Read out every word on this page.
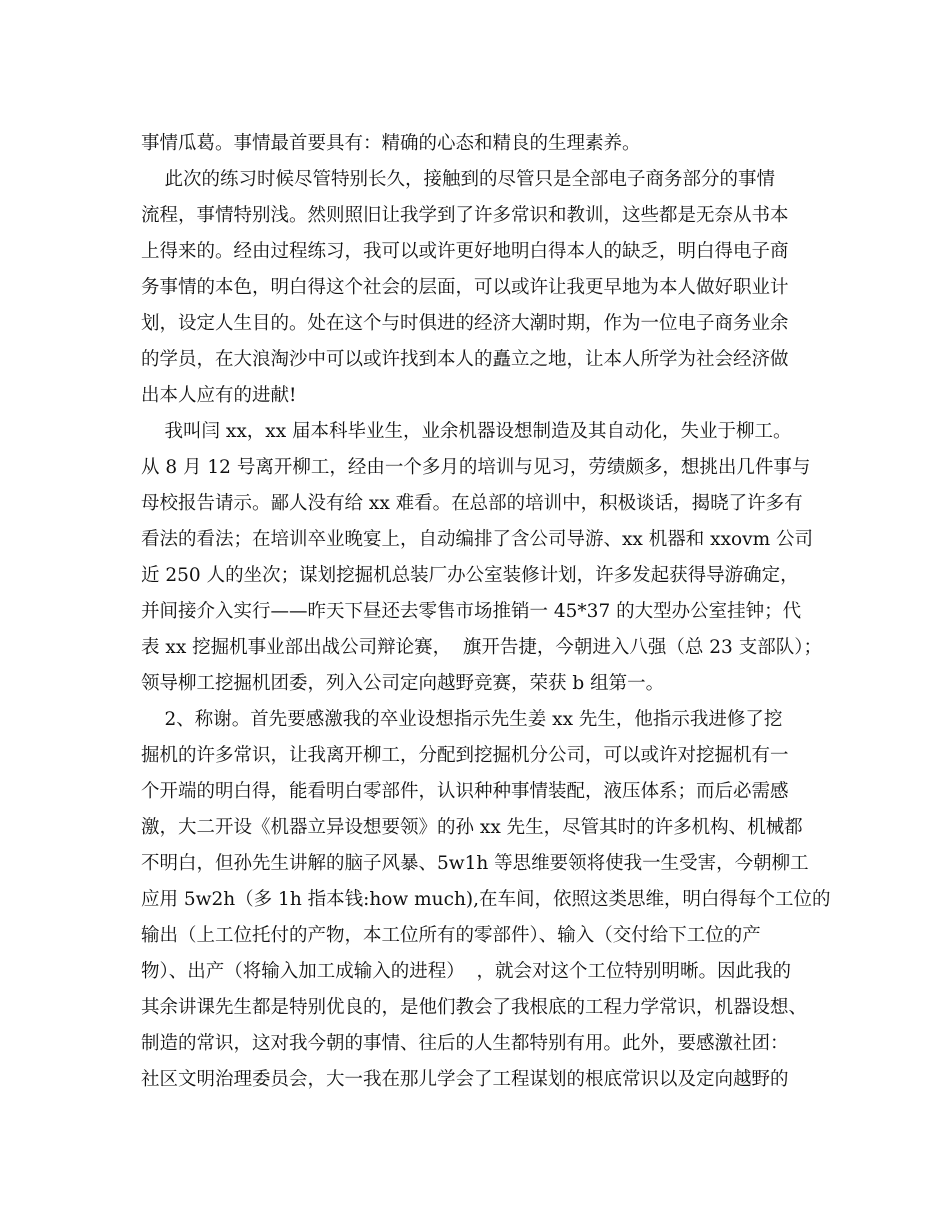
事情瓜葛。事情最首要具有：精确的心态和精良的生理素养。
此次的练习时候尽管特别长久，接触到的尽管只是全部电子商务部分的事情
流程，事情特别浅。然则照旧让我学到了许多常识和教训，这些都是无奈从书本
上得来的。经由过程练习，我可以或许更好地明白得本人的缺乏，明白得电子商
务事情的本色，明白得这个社会的层面，可以或许让我更早地为本人做好职业计
划，设定人生目的。处在这个与时俱进的经济大潮时期，作为一位电子商务业余
的学员，在大浪淘沙中可以或许找到本人的矗立之地，让本人所学为社会经济做
出本人应有的进献!
我叫闫 xx，xx 届本科毕业生，业余机器设想制造及其自动化，失业于柳工。
从 8 月 12 号离开柳工，经由一个多月的培训与见习，劳绩颇多，想挑出几件事与
母校报告请示。鄙人没有给 xx 难看。在总部的培训中，积极谈话，揭晓了许多有
看法的看法；在培训卒业晚宴上，自动编排了含公司导游、xx 机器和 xxovm 公司
近 250 人的坐次；谋划挖掘机总装厂办公室装修计划，许多发起获得导游确定，
并间接介入实行——昨天下昼还去零售市场推销一 45*37 的大型办公室挂钟；代
表 xx 挖掘机事业部出战公司辩论赛，  旗开告捷，今朝进入八强（总 23 支部队）；
领导柳工挖掘机团委，列入公司定向越野竞赛，荣获 b 组第一。
2、称谢。首先要感激我的卒业设想指示先生姜 xx 先生，他指示我进修了挖
掘机的许多常识，让我离开柳工，分配到挖掘机分公司，可以或许对挖掘机有一
个开端的明白得，能看明白零部件，认识种种事情装配，液压体系；而后必需感
激，大二开设《机器立异设想要领》的孙 xx 先生，尽管其时的许多机构、机械都
不明白，但孙先生讲解的脑子风暴、5w1h 等思维要领将使我一生受害，今朝柳工
应用 5w2h（多 1h 指本钱:how much),在车间，依照这类思维，明白得每个工位的
输出（上工位托付的产物，本工位所有的零部件）、输入（交付给下工位的产
物）、出产（将输入加工成输入的进程）  ，就会对这个工位特别明晰。因此我的
其余讲课先生都是特别优良的，是他们教会了我根底的工程力学常识，机器设想、
制造的常识，这对我今朝的事情、往后的人生都特别有用。此外，要感激社团：
社区文明治理委员会，大一我在那儿学会了工程谋划的根底常识以及定向越野的
